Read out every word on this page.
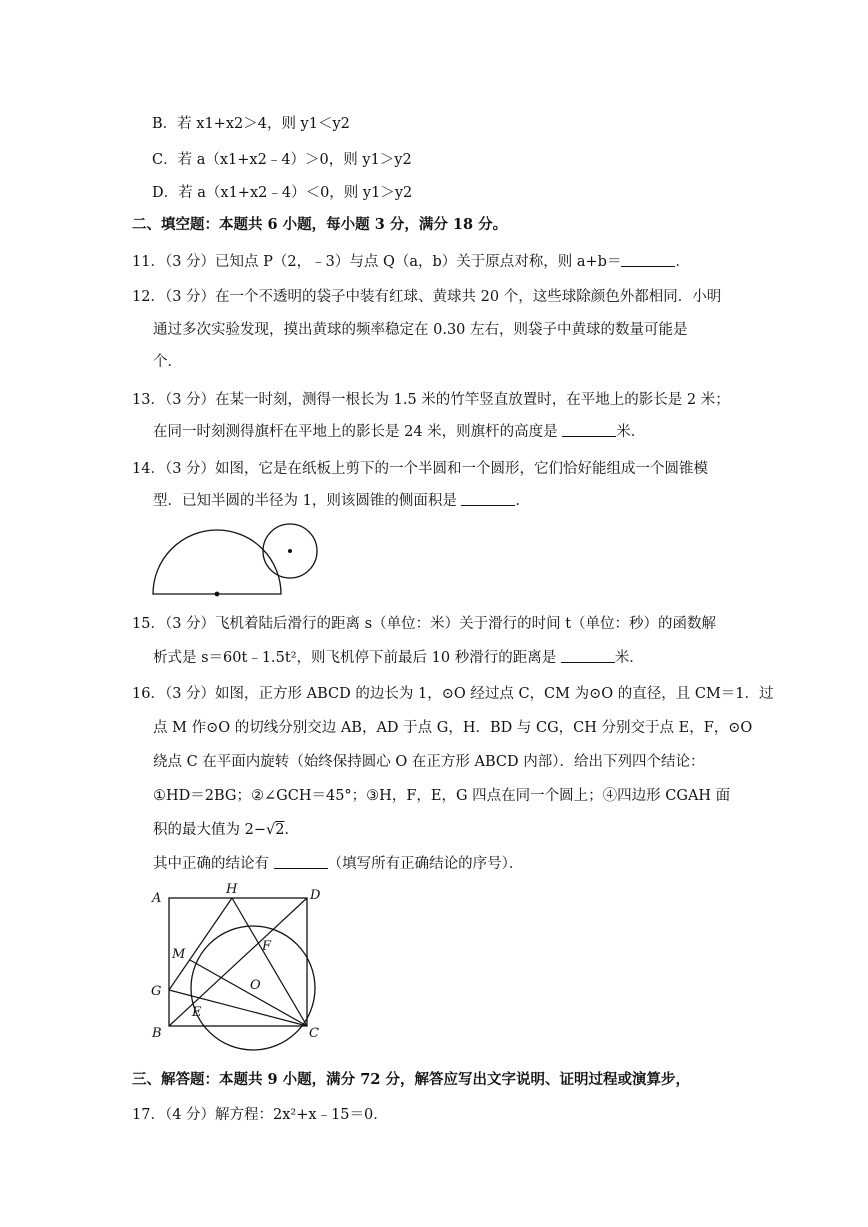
B．若 x1+x2＞4，则 y1＜y2
C．若 a（x1+x2﹣4）＞0，则 y1＞y2
D．若 a（x1+x2﹣4）＜0，则 y1＞y2
二、填空题：本题共 6 小题，每小题 3 分，满分 18 分。
11．（3 分）已知点 P（2，﹣3）与点 Q（a，b）关于原点对称，则 a+b＝	．
12．（3 分）在一个不透明的袋子中装有红球、黄球共 20 个，这些球除颜色外都相同．小明
通过多次实验发现，摸出黄球的频率稳定在 0.30 左右，则袋子中黄球的数量可能是
个．
13．（3 分）在某一时刻，测得一根长为 1.5 米的竹竿竖直放置时，在平地上的影长是 2 米；
在同一时刻测得旗杆在平地上的影长是 24 米，则旗杆的高度是	米．
14．（3 分）如图，它是在纸板上剪下的一个半圆和一个圆形，它们恰好能组成一个圆锥模
型．已知半圆的半径为 1，则该圆锥的侧面积是	．
15．（3 分）飞机着陆后滑行的距离 s（单位：米）关于滑行的时间 t（单位：秒）的函数解
析式是 s＝60t﹣1.5t²，则飞机停下前最后 10 秒滑行的距离是	米．
16．（3 分）如图，正方形 ABCD 的边长为 1，⊙O 经过点 C，CM 为⊙O 的直径，且 CM＝1．过
点 M 作⊙O 的切线分别交边 AB，AD 于点 G，H．BD 与 CG，CH 分别交于点 E，F，⊙O
绕点 C 在平面内旋转（始终保持圆心 O 在正方形 ABCD 内部）．给出下列四个结论：
①HD＝2BG；②∠GCH＝45°；③H，F，E，G 四点在同一个圆上；④四边形 CGAH 面
积的最大值为 2−√2．
其中正确的结论有	（填写所有正确结论的序号）．
A
H	D
M
F
O
G
E
B	C
三、解答题：本题共 9 小题，满分 72 分，解答应写出文字说明、证明过程或演算步，
17．（4 分）解方程：2x²+x﹣15＝0．
